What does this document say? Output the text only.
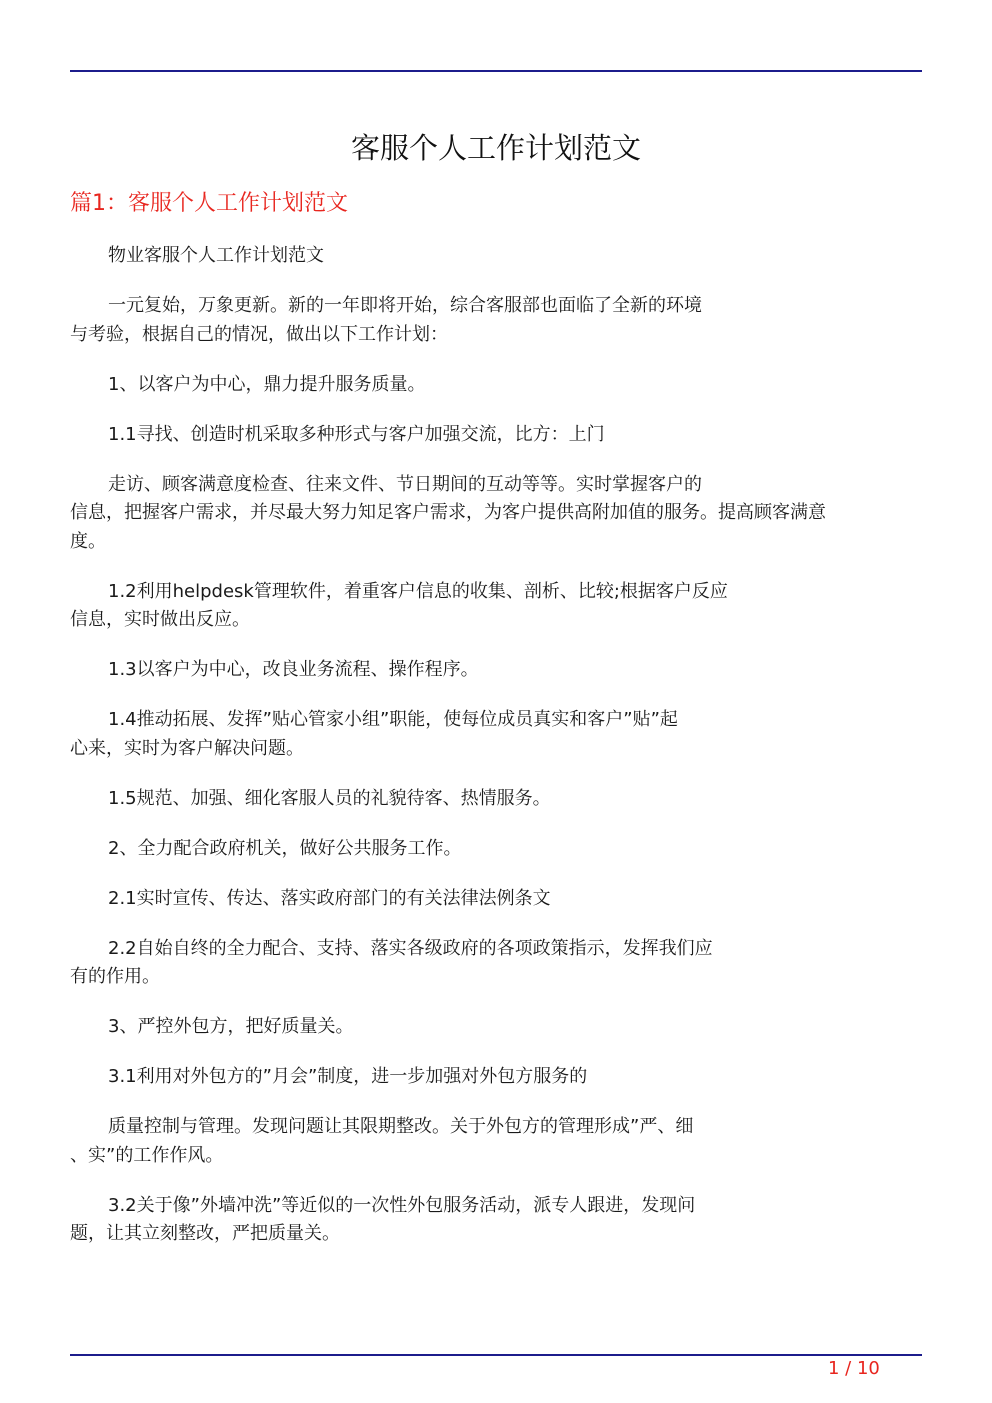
客服个人工作计划范文
篇1：客服个人工作计划范文
物业客服个人工作计划范文
一元复始，万象更新。新的一年即将开始，综合客服部也面临了全新的环境
与考验，根据自己的情况，做出以下工作计划：
1、以客户为中心，鼎力提升服务质量。
1.1寻找、创造时机采取多种形式与客户加强交流，比方：上门
走访、顾客满意度检查、往来文件、节日期间的互动等等。实时掌握客户的
信息，把握客户需求，并尽最大努力知足客户需求，为客户提供高附加值的服务。提高顾客满意
度。
1.2利用helpdesk管理软件，着重客户信息的收集、剖析、比较;根据客户反应
信息，实时做出反应。
1.3以客户为中心，改良业务流程、操作程序。
1.4推动拓展、发挥”贴心管家小组”职能，使每位成员真实和客户”贴”起
心来，实时为客户解决问题。
1.5规范、加强、细化客服人员的礼貌待客、热情服务。
2、全力配合政府机关，做好公共服务工作。
2.1实时宣传、传达、落实政府部门的有关法律法例条文
2.2自始自终的全力配合、支持、落实各级政府的各项政策指示，发挥我们应
有的作用。
3、严控外包方，把好质量关。
3.1利用对外包方的”月会”制度，进一步加强对外包方服务的
质量控制与管理。发现问题让其限期整改。关于外包方的管理形成”严、细
、实”的工作作风。
3.2关于像”外墙冲洗”等近似的一次性外包服务活动，派专人跟进，发现问
题，让其立刻整改，严把质量关。
1 / 10
